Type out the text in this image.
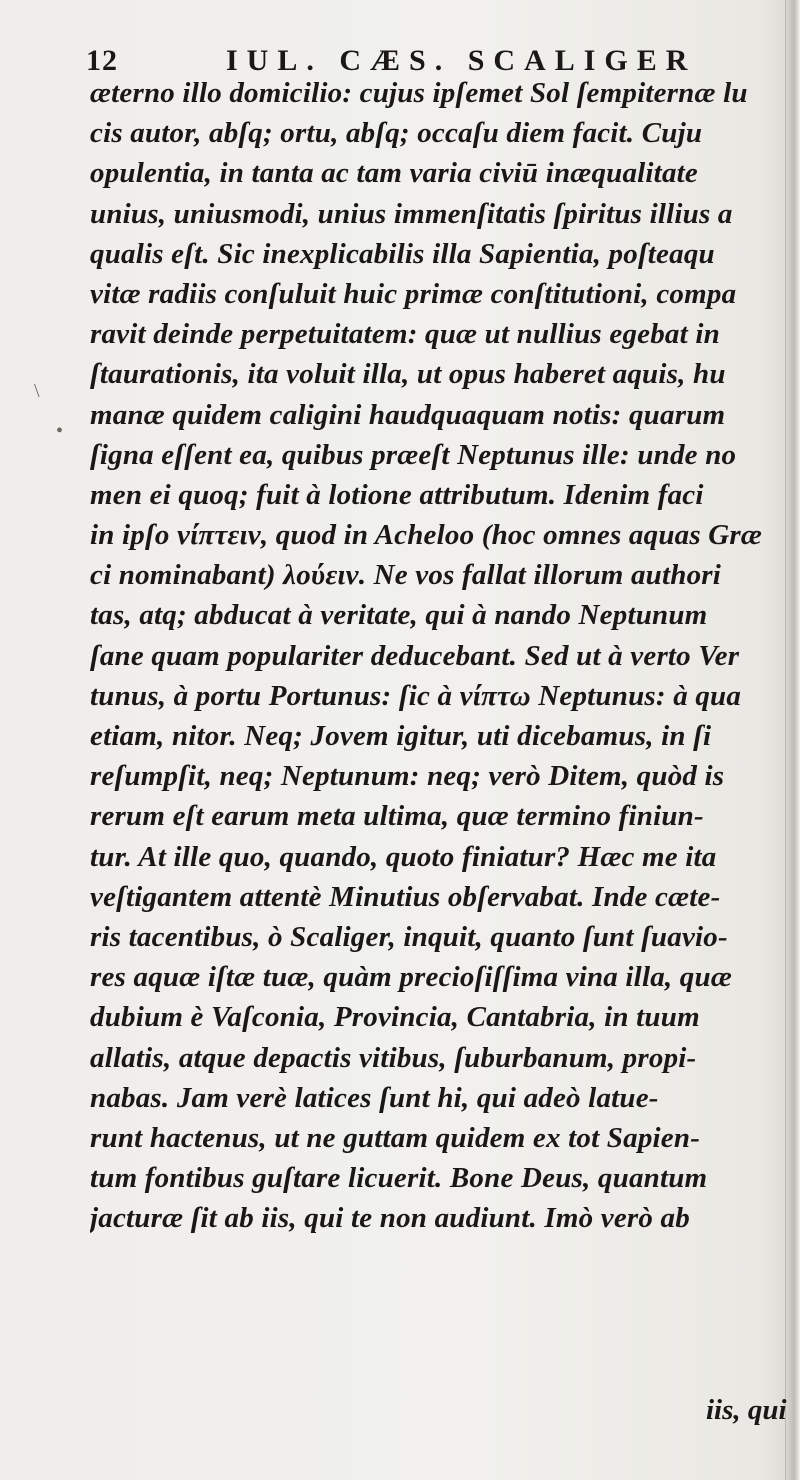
12	IUL. CÆS. SCALIGER
\
•
æterno illo domicilio: cujus ipſemet Sol ſempiternæ lu
cis autor, abſq; ortu, abſq; occaſu diem facit. Cuju
opulentia, in tanta ac tam varia civiū inæqualitate
unius, uniusmodi, unius immenſitatis ſpiritus illius a
qualis eſt. Sic inexplicabilis illa Sapientia, poſteaqu
vitæ radiis conſuluit huic primæ conſtitutioni, compa
ravit deinde perpetuitatem: quæ ut nullius egebat in
ſtaurationis, ita voluit illa, ut opus haberet aquis, hu
manæ quidem caligini haudquaquam notis: quarum
ſigna eſſent ea, quibus præeſt Neptunus ille: unde no
men ei quoq; fuit à lotione attributum. Idenim faci
in ipſo νίπτειν, quod in Acheloo (hoc omnes aquas Græ
ci nominabant) λούειν. Ne vos fallat illorum authori
tas, atq; abducat à veritate, qui à nando Neptunum
ſane quam populariter deducebant. Sed ut à verto Ver
tunus, à portu Portunus: ſic à νίπτω Neptunus: à qua
etiam, nitor. Neq; Jovem igitur, uti dicebamus, in ſi
reſumpſit, neq; Neptunum: neq; verò Ditem, quòd is
rerum eſt earum meta ultima, quæ termino finiun-
tur. At ille quo, quando, quoto finiatur? Hæc me ita
veſtigantem attentè Minutius obſervabat. Inde cæte-
ris tacentibus, ò Scaliger, inquit, quanto ſunt ſuavio-
res aquæ iſtæ tuæ, quàm precioſiſſima vina illa, quæ
dubium è Vaſconia, Provincia, Cantabria, in tuum
allatis, atque depactis vitibus, ſuburbanum, propi-
nabas. Jam verè latices ſunt hi, qui adeò latue-
runt hactenus, ut ne guttam quidem ex tot Sapien-
tum fontibus guſtare licuerit. Bone Deus, quantum
jacturæ ſit ab iis, qui te non audiunt. Imò verò ab
iis, qui
